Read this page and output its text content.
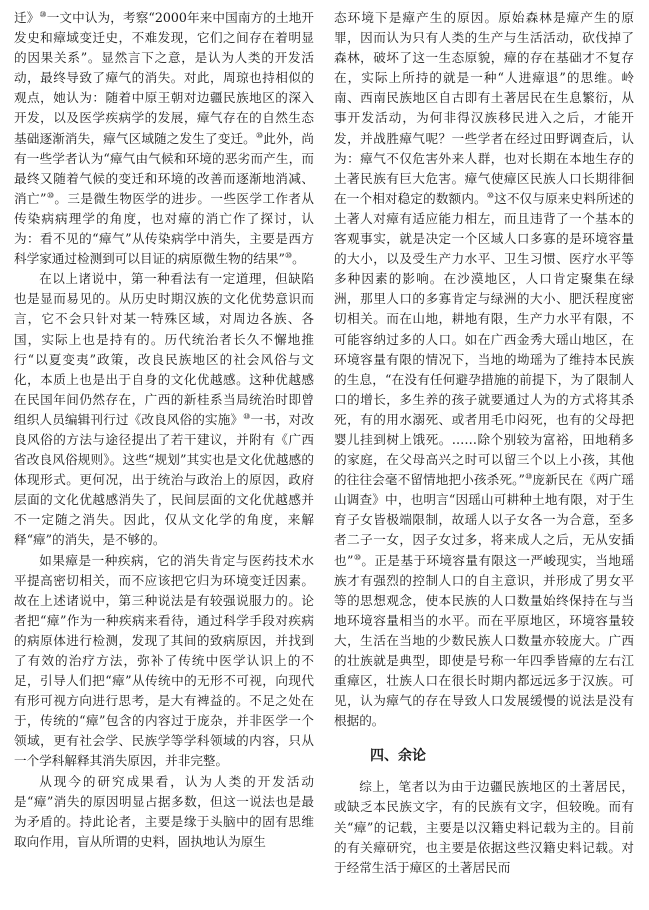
迁》⑩一文中认为，考察“2000年来中国南方的土地开发史和瘴域变迁史，不难发现，它们之间存在着明显的因果关系”。显然言下之意，是认为人类的开发活动，最终导致了瘴气的消失。对此，周琼也持相似的观点，她认为：随着中原王朝对边疆民族地区的深入开发，以及医学疾病学的发展，瘴气存在的自然生态基础逐渐消失，瘴气区域随之发生了变迁。⑩此外，尚有一些学者认为“瘴气由气候和环境的恶劣而产生，而最终又随着气候的变迁和环境的改善而逐渐地消减、消亡”⑩。三是微生物医学的进步。一些医学工作者从传染病病理学的角度，也对瘴的消亡作了探讨，认为：看不见的“瘴气”从传染病学中消失，主要是西方科学家通过检测到可以目证的病原微生物的结果”⑩。

在以上诸说中，第一种看法有一定道理，但缺陷也是显而易见的。从历史时期汉族的文化优势意识而言，它不会只针对某一特殊区域，对周边各族、各国，实际上也是持有的。历代统治者长久不懈地推行“以夏变夷”政策，改良民族地区的社会风俗与文化，本质上也是出于自身的文化优越感。这种优越感在民国年间仍然存在，广西的新桂系当局统治时即曾组织人员编辑刊行过《改良风俗的实施》⑩一书，对改良风俗的方法与途径提出了若干建议，并附有《广西省改良风俗规则》。这些“规划”其实也是文化优越感的体现形式。更何况，出于统治与政治上的原因，政府层面的文化优越感消失了，民间层面的文化优越感并不一定随之消失。因此，仅从文化学的角度，来解释“瘴”的消失，是不够的。

如果瘴是一种疾病，它的消失肯定与医药技术水平提高密切相关，而不应该把它归为环境变迁因素。故在上述诸说中，第三种说法是有较强说服力的。论者把“瘴”作为一种疾病来看待，通过科学手段对疾病的病原体进行检测，发现了其间的致病原因，并找到了有效的治疗方法，弥补了传统中医学认识上的不足，引导人们把“瘴”从传统中的无形不可视，向现代有形可视方向进行思考，是大有裨益的。不足之处在于，传统的“瘴”包含的内容过于庞杂，并非医学一个领域，更有社会学、民族学等学科领域的内容，只从一个学科解释其消失原因，并非完整。

从现今的研究成果看，认为人类的开发活动是“瘴”消失的原因明显占据多数，但这一说法也是最为矛盾的。持此论者，主要是缘于头脑中的固有思维取向作用，盲从所谓的史料，固执地认为原生

态环境下是瘴产生的原因。原始森林是瘴产生的原罪，因而认为只有人类的生产与生活活动，砍伐掉了森林，破坏了这一生态原貌，瘴的存在基础才不复存在，实际上所持的就是一种“人进瘴退”的思维。岭南、西南民族地区自古即有土著居民在生息繁衍，从事开发活动，为何非得汉族移民进入之后，才能开发，并战胜瘴气呢？一些学者在经过田野调查后，认为：瘴气不仅危害外来人群，也对长期在本地生存的土著民族有巨大危害。瘴气使瘴区民族人口长期徘徊在一个相对稳定的数额内。⑩这不仅与原来史料所述的土著人对瘴有适应能力相左，而且违背了一个基本的客观事实，就是决定一个区域人口多寡的是环境容量的大小，以及受生产力水平、卫生习惯、医疗水平等多种因素的影响。在沙漠地区，人口肯定聚集在绿洲，那里人口的多寡肯定与绿洲的大小、肥沃程度密切相关。而在山地，耕地有限，生产力水平有限，不可能容纳过多的人口。如在广西金秀大瑶山地区，在环境容量有限的情况下，当地的坳瑶为了维持本民族的生息，“在没有任何避孕措施的前提下，为了限制人口的增长，多生养的孩子就要通过人为的方式将其杀死，有的用水溺死、或者用毛巾闷死，也有的父母把婴儿挂到树上饿死。……除个别较为富裕，田地稍多的家庭，在父母高兴之时可以留三个以上小孩，其他的往往会毫不留情地把小孩杀死。”⑩庞新民在《两广瑶山调查》中，也明言“因瑶山可耕种土地有限，对于生育子女皆极端限制，故瑶人以子女各一为合意，至多者二子一女，因子女过多，将来成人之后，无从安插也”⑩。正是基于环境容量有限这一严峻现实，当地瑶族才有强烈的控制人口的自主意识，并形成了男女平等的思想观念，使本民族的人口数量始终保持在与当地环境容量相当的水平。而在平原地区，环境容量较大，生活在当地的少数民族人口数量亦较庞大。广西的壮族就是典型，即使是号称一年四季皆瘴的左右江重瘴区，壮族人口在很长时期内都远远多于汉族。可见，认为瘴气的存在导致人口发展缓慢的说法是没有根据的。

四、余论

综上，笔者以为由于边疆民族地区的土著居民，或缺乏本民族文字，有的民族有文字，但较晚。而有关“瘴”的记载，主要是以汉籍史料记载为主的。目前的有关瘴研究，也主要是依据这些汉籍史料记载。对于经常生活于瘴区的土著居民而
